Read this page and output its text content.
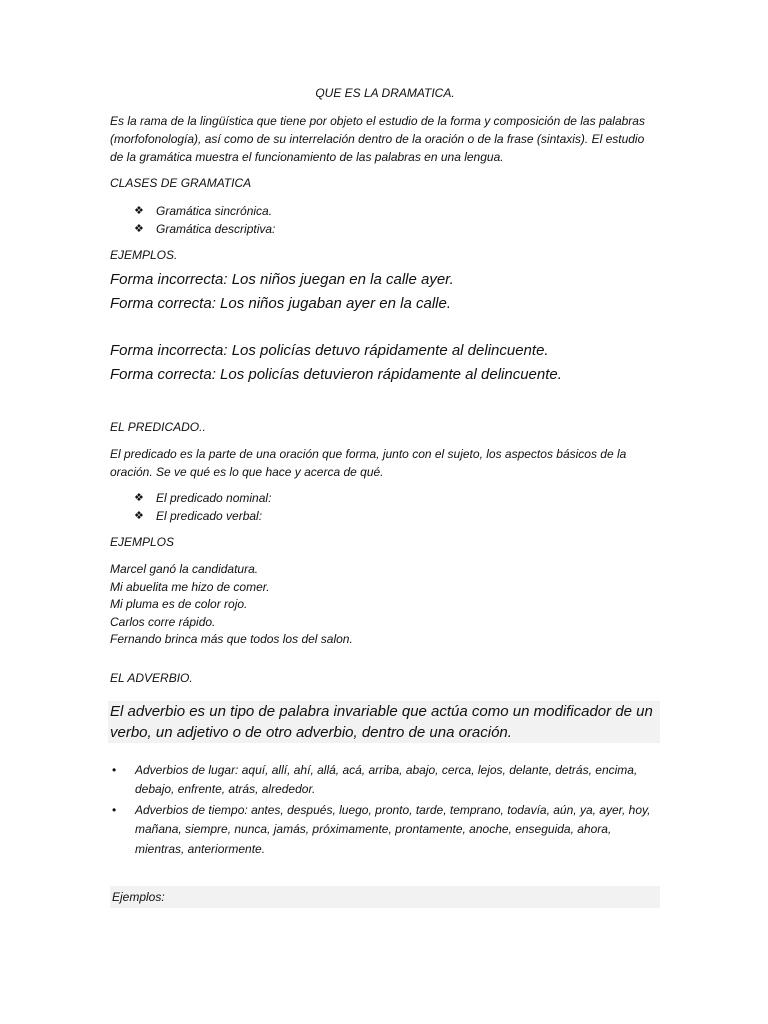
QUE ES LA DRAMATICA.

Es la rama de la lingüística que tiene por objeto el estudio de la forma y composición de las palabras (morfofonología), así como de su interrelación dentro de la oración o de la frase (sintaxis). El estudio de la gramática muestra el funcionamiento de las palabras en una lengua.

CLASES DE GRAMATICA

❖ Gramática sincrónica.
❖ Gramática descriptiva:

EJEMPLOS.

Forma incorrecta: Los niños juegan en la calle ayer.

Forma correcta: Los niños jugaban ayer en la calle.

Forma incorrecta: Los policías detuvo rápidamente al delincuente.

Forma correcta: Los policías detuvieron rápidamente al delincuente.

EL PREDICADO..

El predicado es la parte de una oración que forma, junto con el sujeto, los aspectos básicos de la oración. Se ve qué es lo que hace y acerca de qué.

❖ El predicado nominal:
❖ El predicado verbal:

EJEMPLOS

Marcel ganó la candidatura.

Mi abuelita me hizo de comer.

Mi pluma es de color rojo.

Carlos corre rápido.

Fernando brinca más que todos los del salon.

EL ADVERBIO.

El adverbio es un tipo de palabra invariable que actúa como un modificador de un verbo, un adjetivo o de otro adverbio, dentro de una oración.
• Adverbios de lugar: aquí, allí, ahí, allá, acá, arriba, abajo, cerca, lejos, delante, detrás, encima, debajo, enfrente, atrás, alrededor.
• Adverbios de tiempo: antes, después, luego, pronto, tarde, temprano, todavía, aún, ya, ayer, hoy, mañana, siempre, nunca, jamás, próximamente, prontamente, anoche, enseguida, ahora, mientras, anteriormente.

Ejemplos:
